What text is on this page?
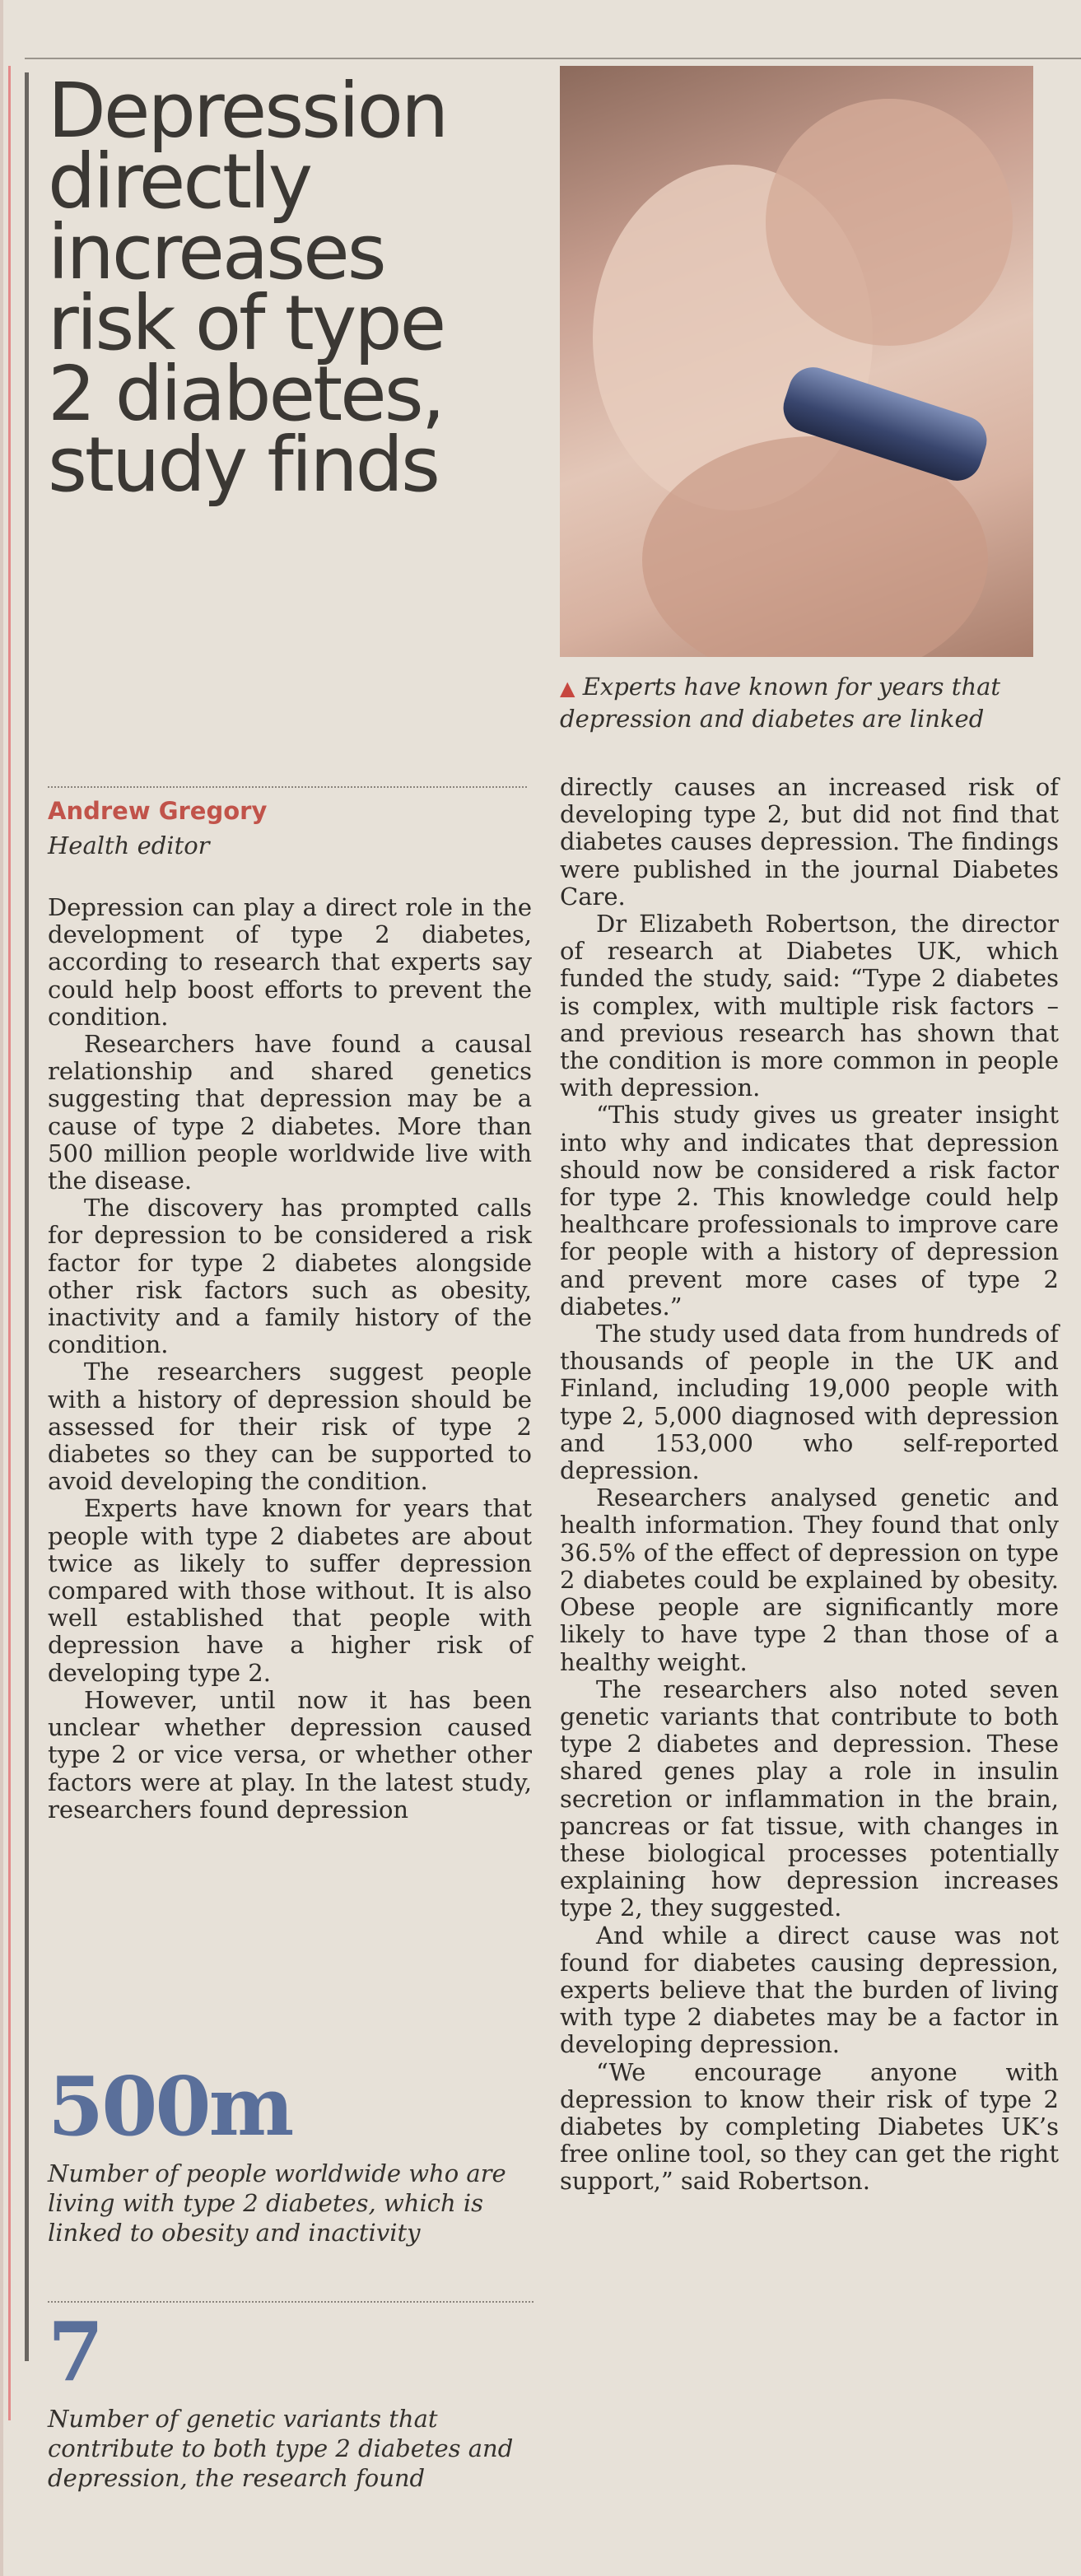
Depression
directly
increases
risk of type
2 diabetes,
study finds
▲ Experts have known for years that depression and diabetes are linked
Andrew Gregory
Health editor

Depression can play a direct role in the development of type 2 diabetes, according to research that experts say could help boost efforts to prevent the condition.

Researchers have found a causal relationship and shared genetics suggesting that depression may be a cause of type 2 diabetes. More than 500 million people worldwide live with the disease.

The discovery has prompted calls for depression to be considered a risk factor for type 2 diabetes alongside other risk factors such as obesity, inactivity and a family history of the condition.

The researchers suggest people with a history of depression should be assessed for their risk of type 2 diabetes so they can be supported to avoid developing the condition.

Experts have known for years that people with type 2 diabetes are about twice as likely to suffer depression compared with those without. It is also well established that people with depression have a higher risk of developing type 2.

However, until now it has been unclear whether depression caused type 2 or vice versa, or whether other factors were at play. In the latest study, researchers found depression

500m
Number of people worldwide who are living with type 2 diabetes, which is linked to obesity and inactivity
7
Number of genetic variants that contribute to both type 2 diabetes and depression, the research found

directly causes an increased risk of developing type 2, but did not find that diabetes causes depression. The findings were published in the journal Diabetes Care.

Dr Elizabeth Robertson, the director of research at Diabetes UK, which funded the study, said: “Type 2 diabetes is complex, with multiple risk factors – and previous research has shown that the condition is more common in people with depression.

“This study gives us greater insight into why and indicates that depression should now be considered a risk factor for type 2. This knowledge could help healthcare professionals to improve care for people with a history of depression and prevent more cases of type 2 diabetes.”

The study used data from hundreds of thousands of people in the UK and Finland, including 19,000 people with type 2, 5,000 diagnosed with depression and 153,000 who self-reported depression.

Researchers analysed genetic and health information. They found that only 36.5% of the effect of depression on type 2 diabetes could be explained by obesity. Obese people are significantly more likely to have type 2 than those of a healthy weight.

The researchers also noted seven genetic variants that contribute to both type 2 diabetes and depression. These shared genes play a role in insulin secretion or inflammation in the brain, pancreas or fat tissue, with changes in these biological processes potentially explaining how depression increases type 2, they suggested.

And while a direct cause was not found for diabetes causing depression, experts believe that the burden of living with type 2 diabetes may be a factor in developing depression.

“We encourage anyone with depression to know their risk of type 2 diabetes by completing Diabetes UK’s free online tool, so they can get the right support,” said Robertson.
